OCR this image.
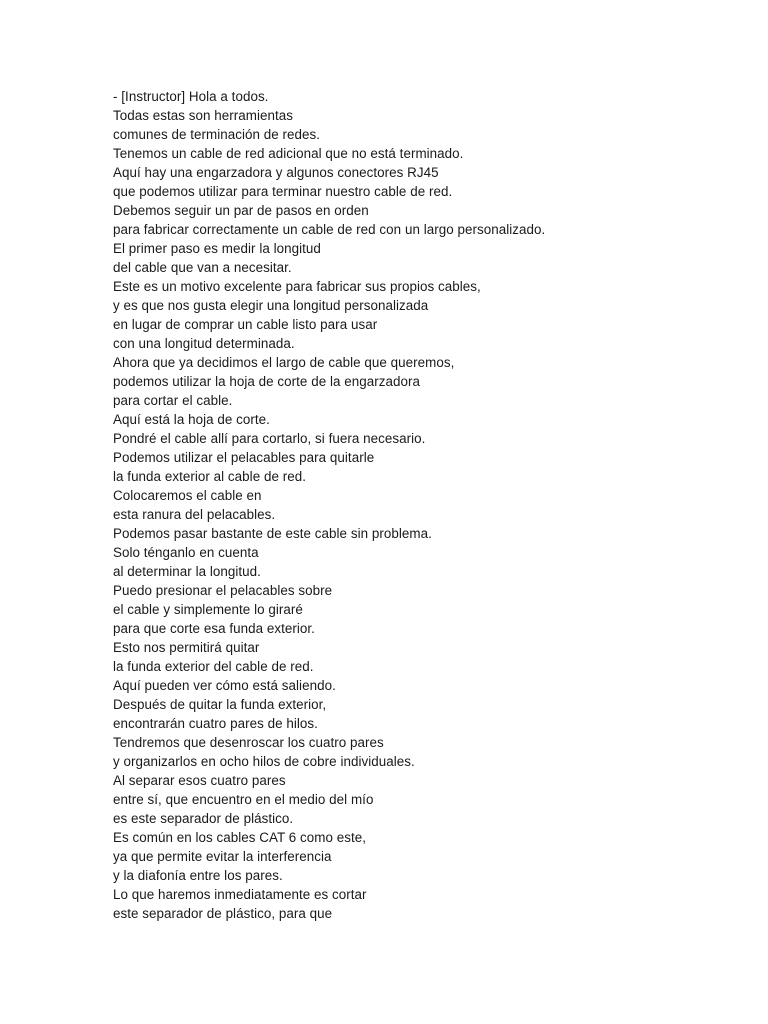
- [Instructor] Hola a todos.
Todas estas son herramientas
comunes de terminación de redes.
Tenemos un cable de red adicional que no está terminado.
Aquí hay una engarzadora y algunos conectores RJ45
que podemos utilizar para terminar nuestro cable de red.
Debemos seguir un par de pasos en orden
para fabricar correctamente un cable de red con un largo personalizado.
El primer paso es medir la longitud
del cable que van a necesitar.
Este es un motivo excelente para fabricar sus propios cables,
y es que nos gusta elegir una longitud personalizada
en lugar de comprar un cable listo para usar
con una longitud determinada.
Ahora que ya decidimos el largo de cable que queremos,
podemos utilizar la hoja de corte de la engarzadora
para cortar el cable.
Aquí está la hoja de corte.
Pondré el cable allí para cortarlo, si fuera necesario.
Podemos utilizar el pelacables para quitarle
la funda exterior al cable de red.
Colocaremos el cable en
esta ranura del pelacables.
Podemos pasar bastante de este cable sin problema.
Solo ténganlo en cuenta
al determinar la longitud.
Puedo presionar el pelacables sobre
el cable y simplemente lo giraré
para que corte esa funda exterior.
Esto nos permitirá quitar
la funda exterior del cable de red.
Aquí pueden ver cómo está saliendo.
Después de quitar la funda exterior,
encontrarán cuatro pares de hilos.
Tendremos que desenroscar los cuatro pares
y organizarlos en ocho hilos de cobre individuales.
Al separar esos cuatro pares
entre sí, que encuentro en el medio del mío
es este separador de plástico.
Es común en los cables CAT 6 como este,
ya que permite evitar la interferencia
y la diafonía entre los pares.
Lo que haremos inmediatamente es cortar
este separador de plástico, para que
